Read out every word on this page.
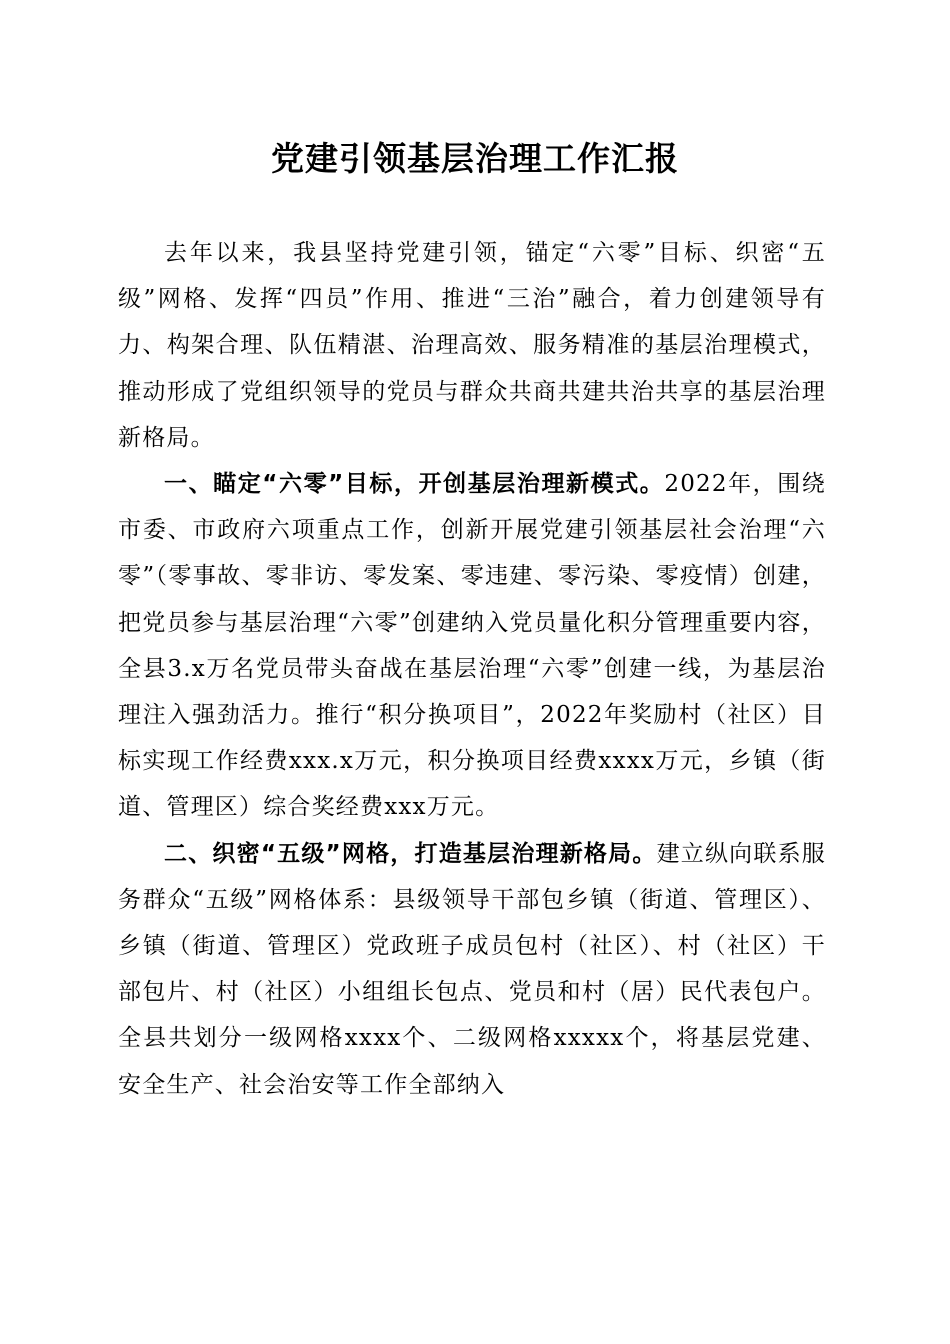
党建引领基层治理工作汇报

去年以来，我县坚持党建引领，锚定“六零”目标、织密“五级”网格、发挥“四员”作用、推进“三治”融合，着力创建领导有力、构架合理、队伍精湛、治理高效、服务精准的基层治理模式，推动形成了党组织领导的党员与群众共商共建共治共享的基层治理新格局。

一、瞄定“六零”目标，开创基层治理新模式。2022年，围绕市委、市政府六项重点工作，创新开展党建引领基层社会治理“六零”（零事故、零非访、零发案、零违建、零污染、零疫情）创建，把党员参与基层治理“六零”创建纳入党员量化积分管理重要内容，全县3.x万名党员带头奋战在基层治理“六零”创建一线，为基层治理注入强劲活力。推行“积分换项目”，2022年奖励村（社区）目标实现工作经费xxx.x万元，积分换项目经费xxxx万元，乡镇（街道、管理区）综合奖经费xxx万元。

二、织密“五级”网格，打造基层治理新格局。建立纵向联系服务群众“五级”网格体系：县级领导干部包乡镇（街道、管理区）、乡镇（街道、管理区）党政班子成员包村（社区）、村（社区）干部包片、村（社区）小组组长包点、党员和村（居）民代表包户。全县共划分一级网格xxxx个、二级网格xxxxx个，将基层党建、安全生产、社会治安等工作全部纳入
